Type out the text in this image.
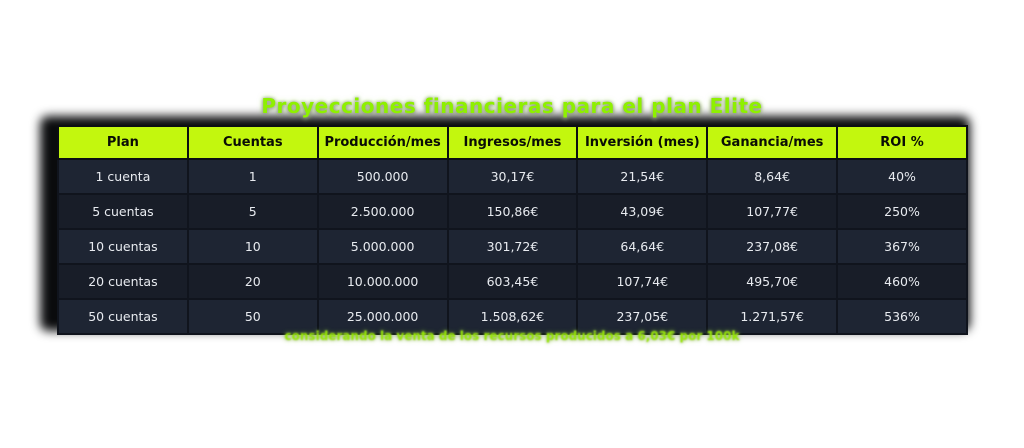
Proyecciones financieras para el plan Elite
Plan	Cuentas	Producción/mes	Ingresos/mes	Inversión (mes)	Ganancia/mes	ROI %
1 cuenta	1	500.000	30,17€	21,54€	8,64€	40%
5 cuentas	5	2.500.000	150,86€	43,09€	107,77€	250%
10 cuentas	10	5.000.000	301,72€	64,64€	237,08€	367%
20 cuentas	20	10.000.000	603,45€	107,74€	495,70€	460%
50 cuentas	50	25.000.000	1.508,62€	237,05€	1.271,57€	536%
considerando la venta de los recursos producidos a 6,03€ por 100k
